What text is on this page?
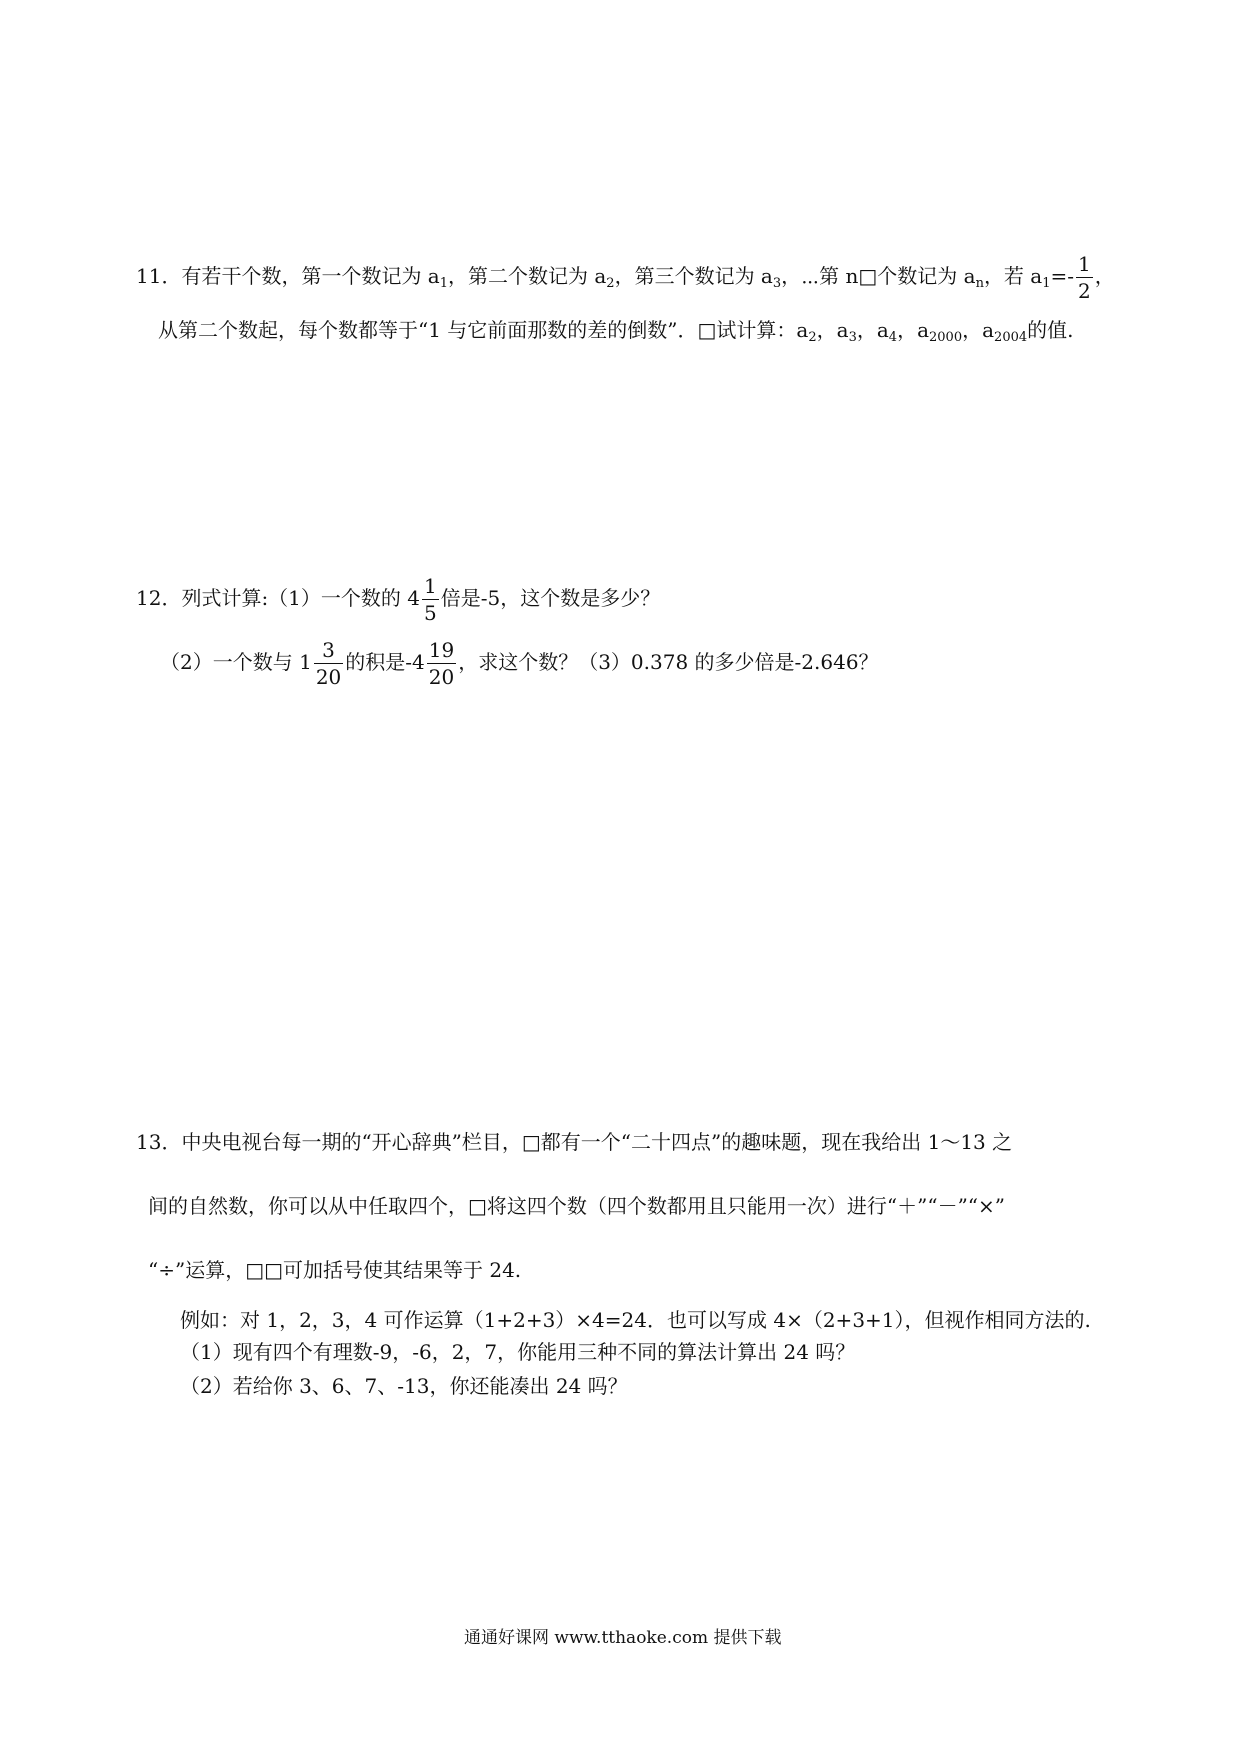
11．有若干个数，第一个数记为 $a_1$，第二个数记为 $a_2$，第三个数记为 $a_3$，⋯第 n□个数记为 $a_n$，若 $a_1=- \frac{1}{2}$ ，
从第二个数起，每个数都等于“1 与它前面那数的差的倒数”．□试计算：$a_2$，$a_3$，$a_4$，$a_{2000}$，$a_{2004}$的值.
12．列式计算:（1）一个数的 $4 \frac{1}{5}$ 倍是-5，这个数是多少？
（2）一个数与 $1 \frac{3}{20}$ 的积是$-4 \frac{19}{20}$ ，求这个数？（3）0.378 的多少倍是-2.646？
13．中央电视台每一期的“开心辞典”栏目，□都有一个“二十四点”的趣味题，现在我给出 1～13 之
间的自然数，你可以从中任取四个，□将这四个数（四个数都用且只能用一次）进行“＋”“－”“×”
“÷”运算，□□可加括号使其结果等于 24.
例如：对 1，2，3，4 可作运算（1+2+3）×4=24．也可以写成 4×（2+3+1），但视作相同方法的.
（1）现有四个有理数-9，-6，2，7，你能用三种不同的算法计算出 24 吗？
（2）若给你 3、6、7、-13，你还能凑出 24 吗？
通通好课网 www.tthaoke.com 提供下载
